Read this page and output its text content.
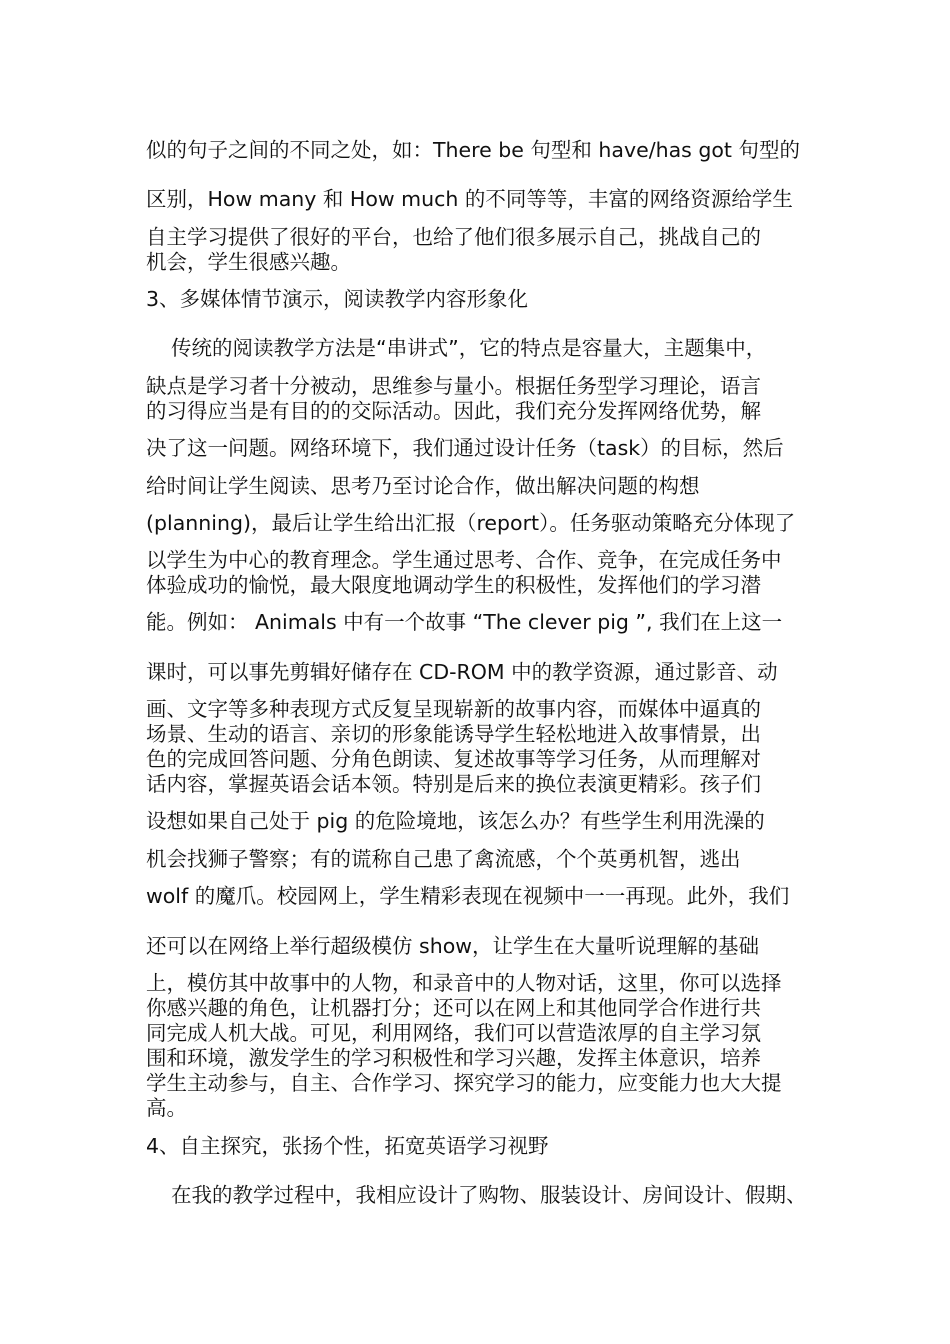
似的句子之间的不同之处，如：There be 句型和 have/has got 句型的
区别，How many 和 How much 的不同等等，丰富的网络资源给学生
自主学习提供了很好的平台，也给了他们很多展示自己，挑战自己的
机会，学生很感兴趣。
3、多媒体情节演示，阅读教学内容形象化
传统的阅读教学方法是“串讲式”，它的特点是容量大，主题集中，
缺点是学习者十分被动，思维参与量小。根据任务型学习理论，语言
的习得应当是有目的的交际活动。因此，我们充分发挥网络优势，解
决了这一问题。网络环境下，我们通过设计任务（task）的目标，然后
给时间让学生阅读、思考乃至讨论合作，做出解决问题的构想
(planning)，最后让学生给出汇报（report）。任务驱动策略充分体现了
以学生为中心的教育理念。学生通过思考、合作、竞争，在完成任务中
体验成功的愉悦，最大限度地调动学生的积极性，发挥他们的学习潜
能。例如： Animals 中有一个故事 “The clever pig ”, 我们在上这一
课时，可以事先剪辑好储存在 CD-ROM 中的教学资源，通过影音、动
画、文字等多种表现方式反复呈现崭新的故事内容，而媒体中逼真的
场景、生动的语言、亲切的形象能诱导学生轻松地进入故事情景，出
色的完成回答问题、分角色朗读、复述故事等学习任务，从而理解对
话内容，掌握英语会话本领。特别是后来的换位表演更精彩。孩子们
设想如果自己处于 pig 的危险境地，该怎么办？有些学生利用洗澡的
机会找狮子警察；有的谎称自己患了禽流感，个个英勇机智，逃出
wolf 的魔爪。校园网上，学生精彩表现在视频中一一再现。此外，我们
还可以在网络上举行超级模仿 show，让学生在大量听说理解的基础
上，模仿其中故事中的人物，和录音中的人物对话，这里，你可以选择
你感兴趣的角色，让机器打分；还可以在网上和其他同学合作进行共
同完成人机大战。可见，利用网络，我们可以营造浓厚的自主学习氛
围和环境，激发学生的学习积极性和学习兴趣，发挥主体意识，培养
学生主动参与，自主、合作学习、探究学习的能力，应变能力也大大提
高。
4、自主探究，张扬个性，拓宽英语学习视野
在我的教学过程中，我相应设计了购物、服装设计、房间设计、假期、
